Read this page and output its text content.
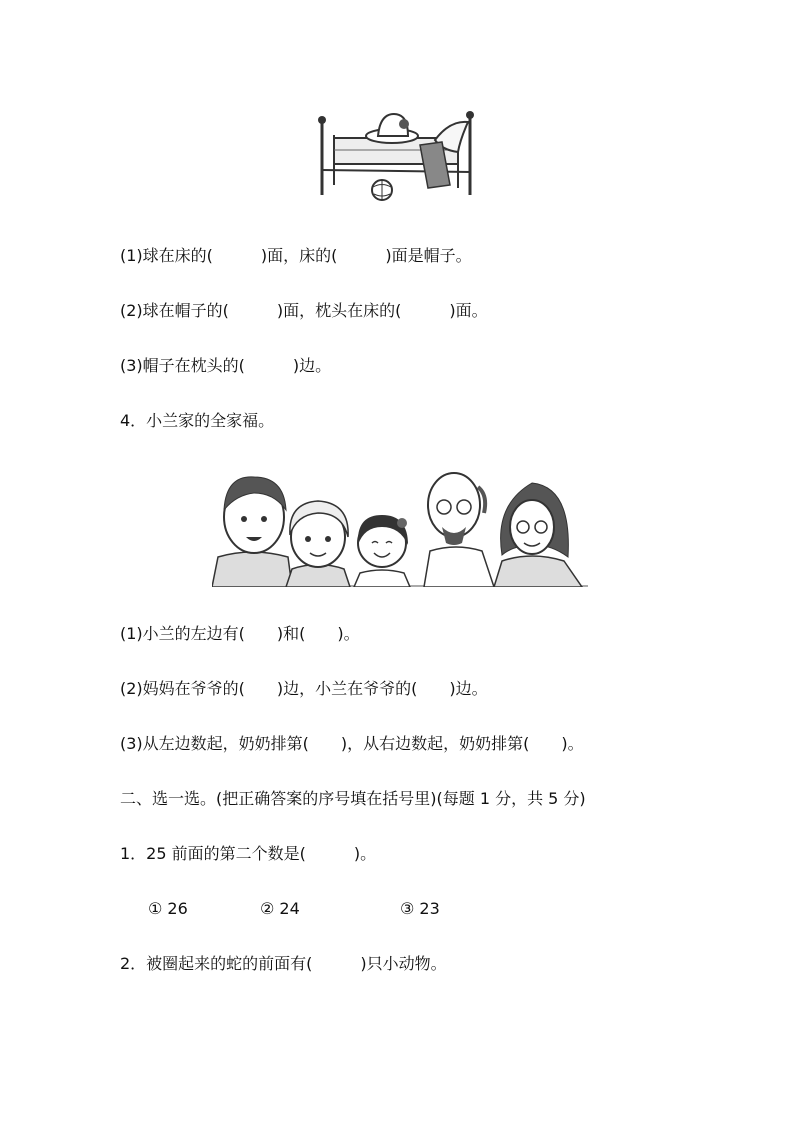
(1)球在床的(　　　)面，床的(　　　)面是帽子。
(2)球在帽子的(　　　)面，枕头在床的(　　　)面。
(3)帽子在枕头的(　　　)边。
4．小兰家的全家福。
(1)小兰的左边有(　　)和(　　)。
(2)妈妈在爷爷的(　　)边，小兰在爷爷的(　　)边。
(3)从左边数起，奶奶排第(　　)，从右边数起，奶奶排第(　　)。
二、选一选。(把正确答案的序号填在括号里)(每题 1 分，共 5 分)
1．25 前面的第二个数是(　　　)。
① 26	② 24	③ 23
2．被圈起来的蛇的前面有(　　　)只小动物。
